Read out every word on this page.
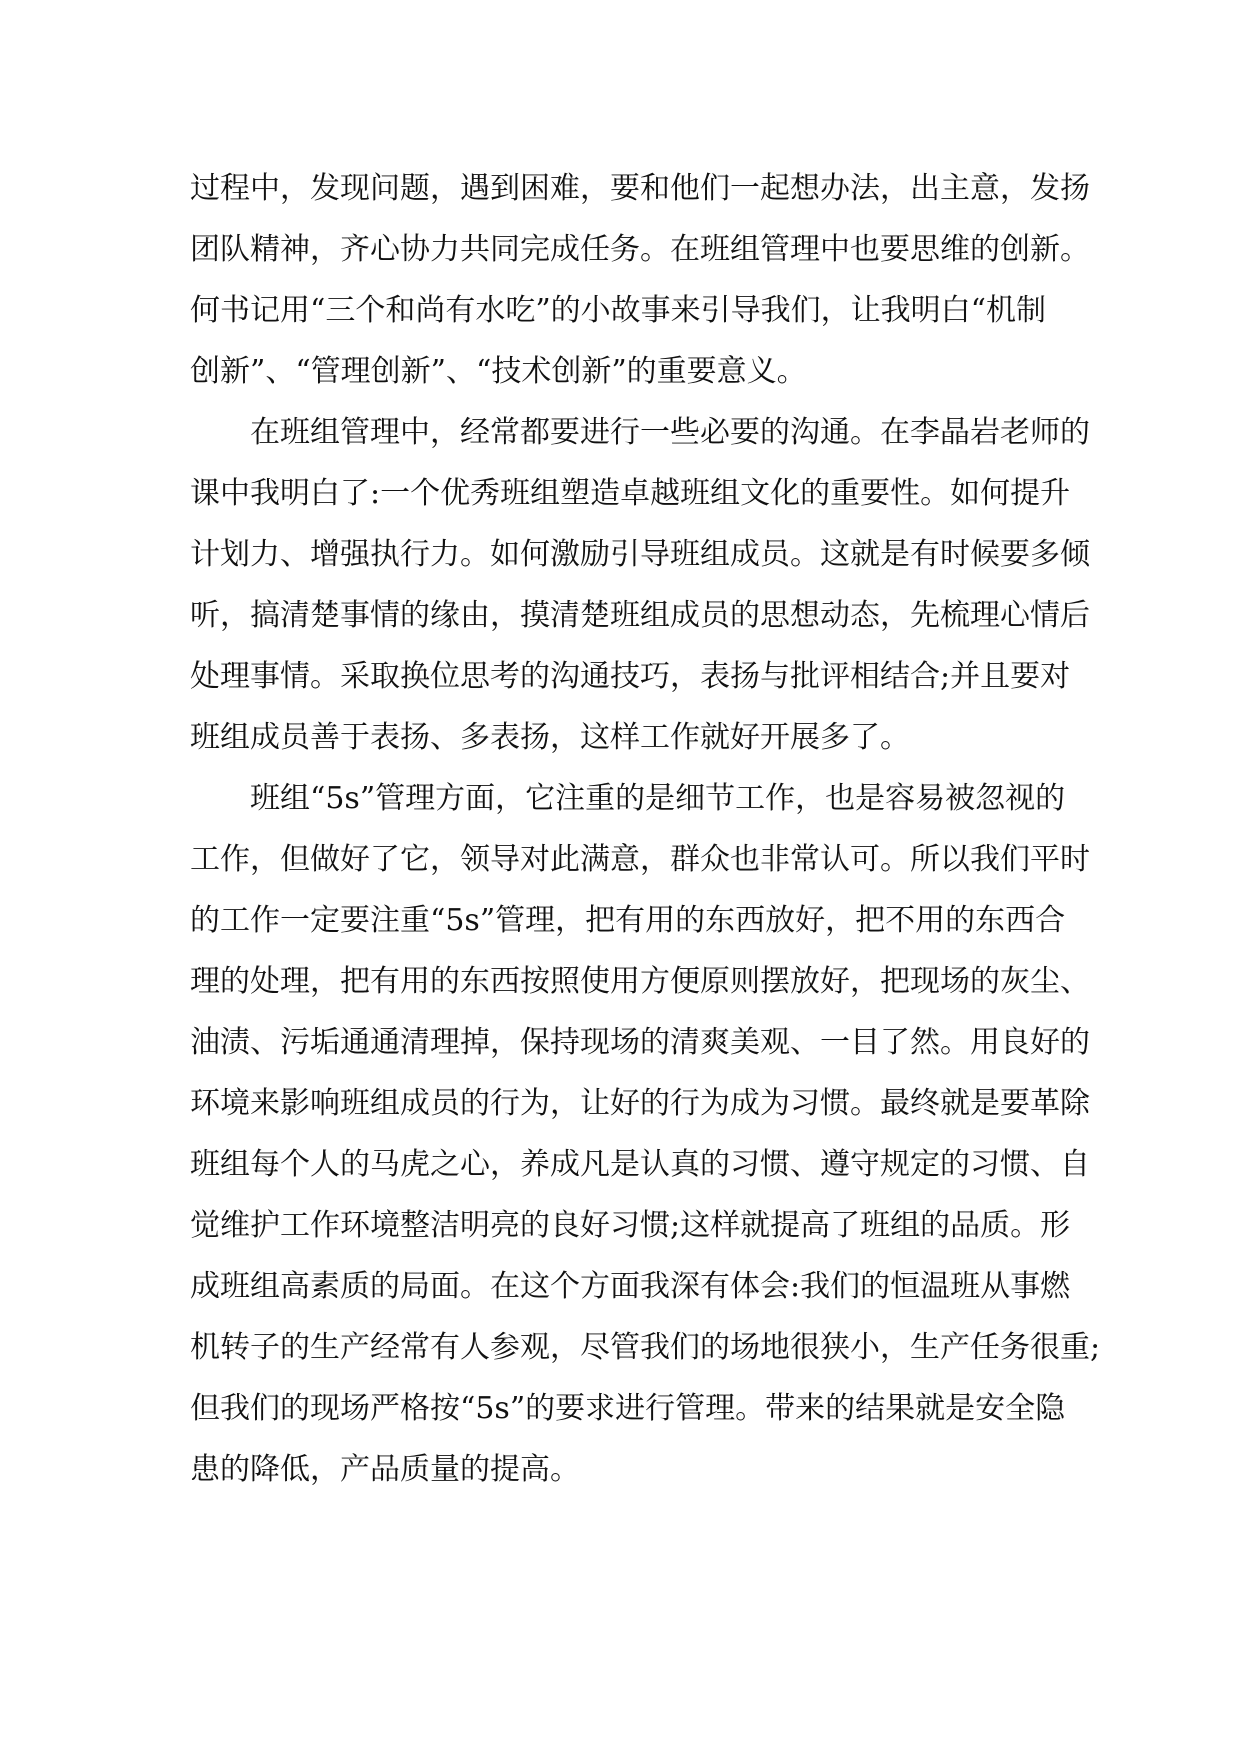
过程中，发现问题，遇到困难，要和他们一起想办法，出主意，发扬
团队精神，齐心协力共同完成任务。在班组管理中也要思维的创新。
何书记用“三个和尚有水吃”的小故事来引导我们，让我明白“机制
创新”、“管理创新”、“技术创新”的重要意义。
在班组管理中，经常都要进行一些必要的沟通。在李晶岩老师的
课中我明白了:一个优秀班组塑造卓越班组文化的重要性。如何提升
计划力、增强执行力。如何激励引导班组成员。这就是有时候要多倾
听，搞清楚事情的缘由，摸清楚班组成员的思想动态，先梳理心情后
处理事情。采取换位思考的沟通技巧，表扬与批评相结合;并且要对
班组成员善于表扬、多表扬，这样工作就好开展多了。
班组“5s”管理方面，它注重的是细节工作，也是容易被忽视的
工作，但做好了它，领导对此满意，群众也非常认可。所以我们平时
的工作一定要注重“5s”管理，把有用的东西放好，把不用的东西合
理的处理，把有用的东西按照使用方便原则摆放好，把现场的灰尘、
油渍、污垢通通清理掉，保持现场的清爽美观、一目了然。用良好的
环境来影响班组成员的行为，让好的行为成为习惯。最终就是要革除
班组每个人的马虎之心，养成凡是认真的习惯、遵守规定的习惯、自
觉维护工作环境整洁明亮的良好习惯;这样就提高了班组的品质。形
成班组高素质的局面。在这个方面我深有体会:我们的恒温班从事燃
机转子的生产经常有人参观，尽管我们的场地很狭小，生产任务很重;
但我们的现场严格按“5s”的要求进行管理。带来的结果就是安全隐
患的降低，产品质量的提高。
